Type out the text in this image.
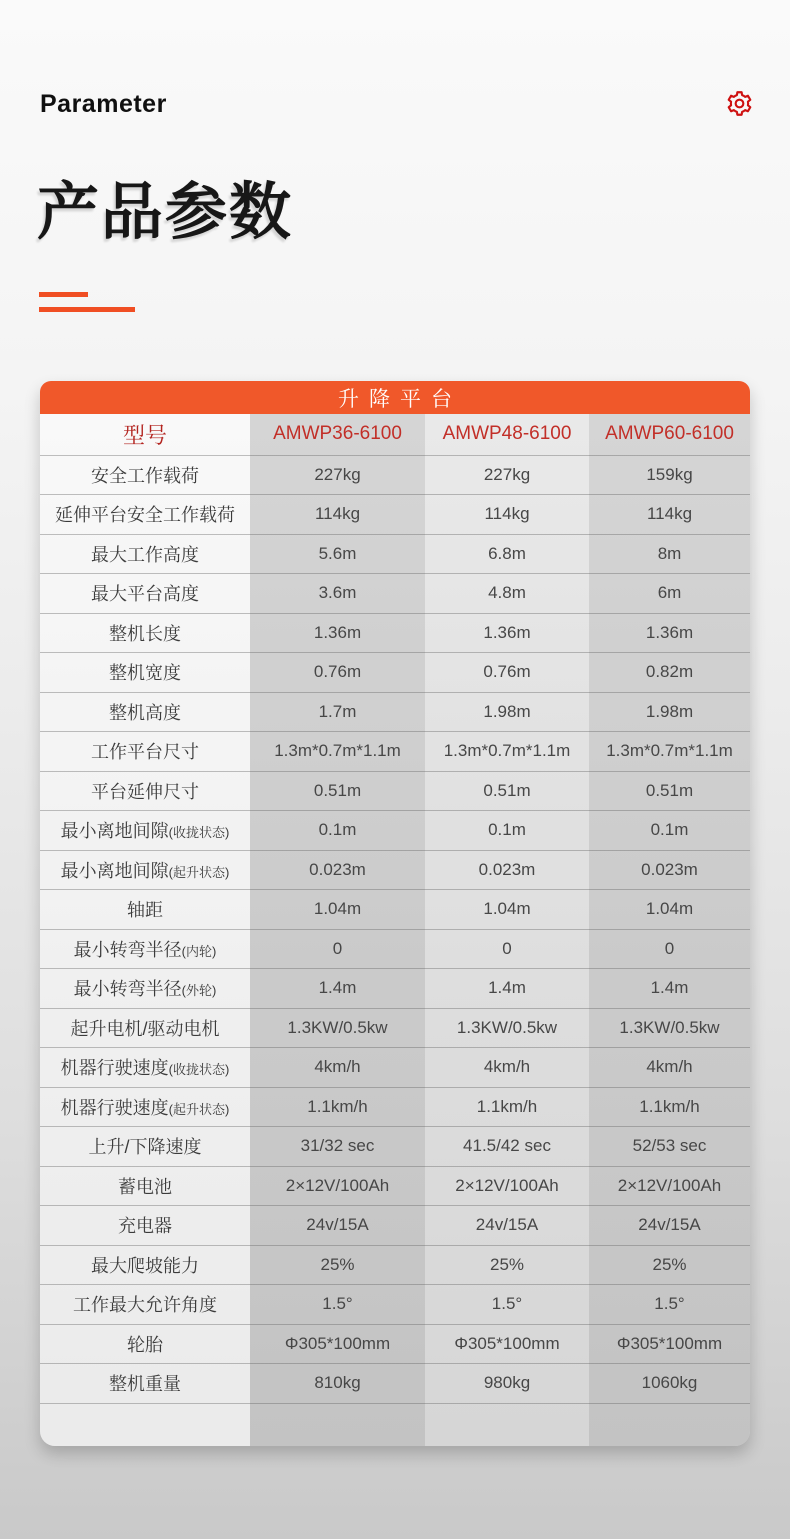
Parameter
产品参数
升降平台
型号	AMWP36-6100	AMWP48-6100	AMWP60-6100
安全工作载荷	227kg	227kg	159kg
延伸平台安全工作载荷	114kg	114kg	114kg
最大工作高度	5.6m	6.8m	8m
最大平台高度	3.6m	4.8m	6m
整机长度	1.36m	1.36m	1.36m
整机宽度	0.76m	0.76m	0.82m
整机高度	1.7m	1.98m	1.98m
工作平台尺寸	1.3m*0.7m*1.1m	1.3m*0.7m*1.1m	1.3m*0.7m*1.1m
平台延伸尺寸	0.51m	0.51m	0.51m
最小离地间隙(收拢状态)	0.1m	0.1m	0.1m
最小离地间隙(起升状态)	0.023m	0.023m	0.023m
轴距	1.04m	1.04m	1.04m
最小转弯半径(内轮)	0	0	0
最小转弯半径(外轮)	1.4m	1.4m	1.4m
起升电机/驱动电机	1.3KW/0.5kw	1.3KW/0.5kw	1.3KW/0.5kw
机器行驶速度(收拢状态)	4km/h	4km/h	4km/h
机器行驶速度(起升状态)	1.1km/h	1.1km/h	1.1km/h
上升/下降速度	31/32 sec	41.5/42 sec	52/53 sec
蓄电池	2×12V/100Ah	2×12V/100Ah	2×12V/100Ah
充电器	24v/15A	24v/15A	24v/15A
最大爬坡能力	25%	25%	25%
工作最大允许角度	1.5°	1.5°	1.5°
轮胎	Φ305*100mm	Φ305*100mm	Φ305*100mm
整机重量	810kg	980kg	1060kg
